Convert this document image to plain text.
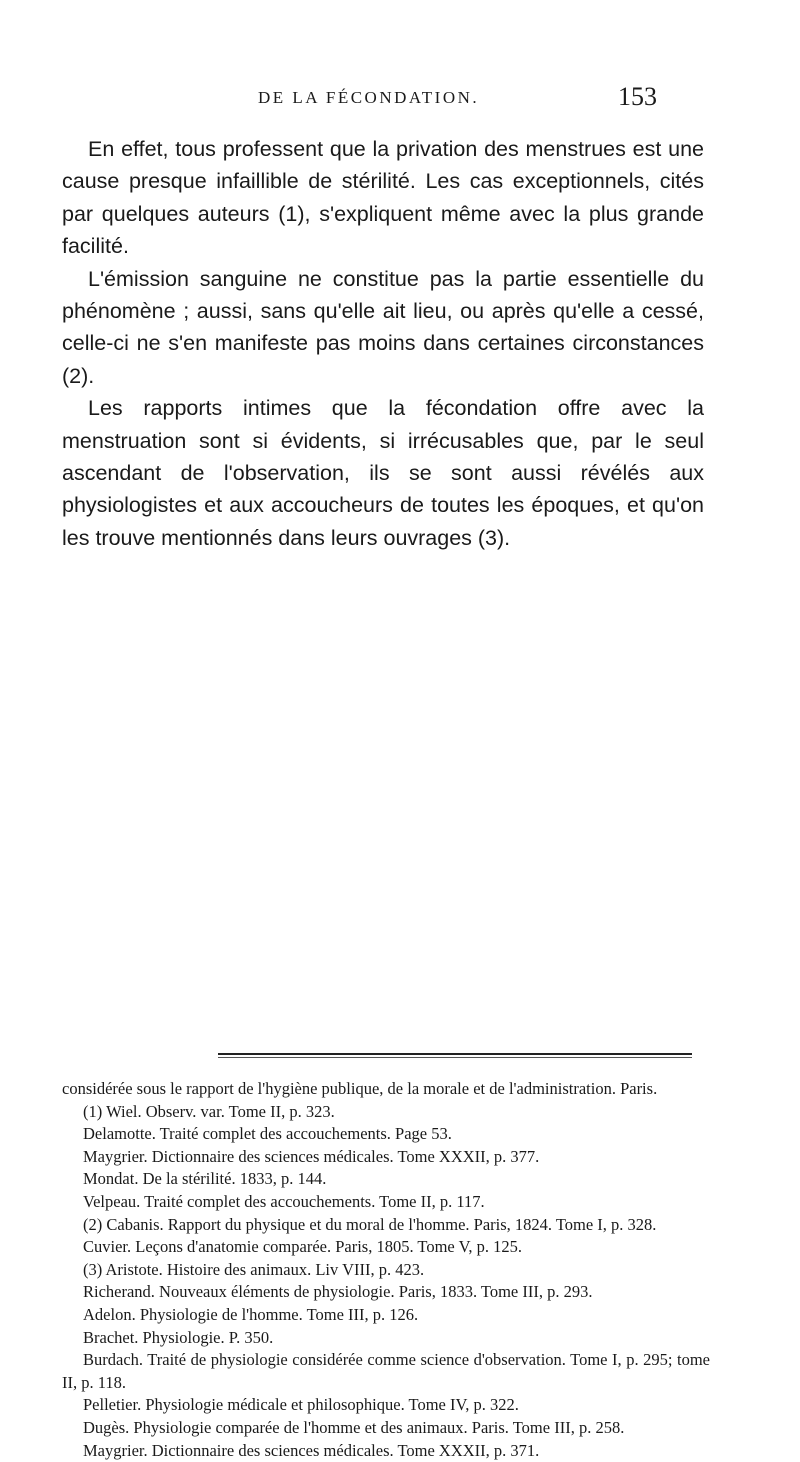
DE LA FÉCONDATION.	153

En effet, tous professent que la privation des menstrues est une cause presque infaillible de stérilité. Les cas exceptionnels, cités par quelques auteurs (1), s'expliquent même avec la plus grande facilité.

L'émission sanguine ne constitue pas la partie essentielle du phénomène ; aussi, sans qu'elle ait lieu, ou après qu'elle a cessé, celle-ci ne s'en manifeste pas moins dans certaines circonstances (2).

Les rapports intimes que la fécondation offre avec la menstruation sont si évidents, si irrécusables que, par le seul ascendant de l'observation, ils se sont aussi révélés aux physiologistes et aux accoucheurs de toutes les époques, et qu'on les trouve mentionnés dans leurs ouvrages (3).

considérée sous le rapport de l'hygiène publique, de la morale et de l'administration. Paris.

(1) Wiel. Observ. var. Tome II, p. 323.

Delamotte. Traité complet des accouchements. Page 53.

Maygrier. Dictionnaire des sciences médicales. Tome XXXII, p. 377.

Mondat. De la stérilité. 1833, p. 144.

Velpeau. Traité complet des accouchements. Tome II, p. 117.

(2) Cabanis. Rapport du physique et du moral de l'homme. Paris, 1824. Tome I, p. 328.

Cuvier. Leçons d'anatomie comparée. Paris, 1805. Tome V, p. 125.

(3) Aristote. Histoire des animaux. Liv VIII, p. 423.

Richerand. Nouveaux éléments de physiologie. Paris, 1833. Tome III, p. 293.

Adelon. Physiologie de l'homme. Tome III, p. 126.

Brachet. Physiologie. P. 350.

Burdach. Traité de physiologie considérée comme science d'observation. Tome I, p. 295; tome II, p. 118.

Pelletier. Physiologie médicale et philosophique. Tome IV, p. 322.

Dugès. Physiologie comparée de l'homme et des animaux. Paris. Tome III, p. 258.

Maygrier. Dictionnaire des sciences médicales. Tome XXXII, p. 371.
